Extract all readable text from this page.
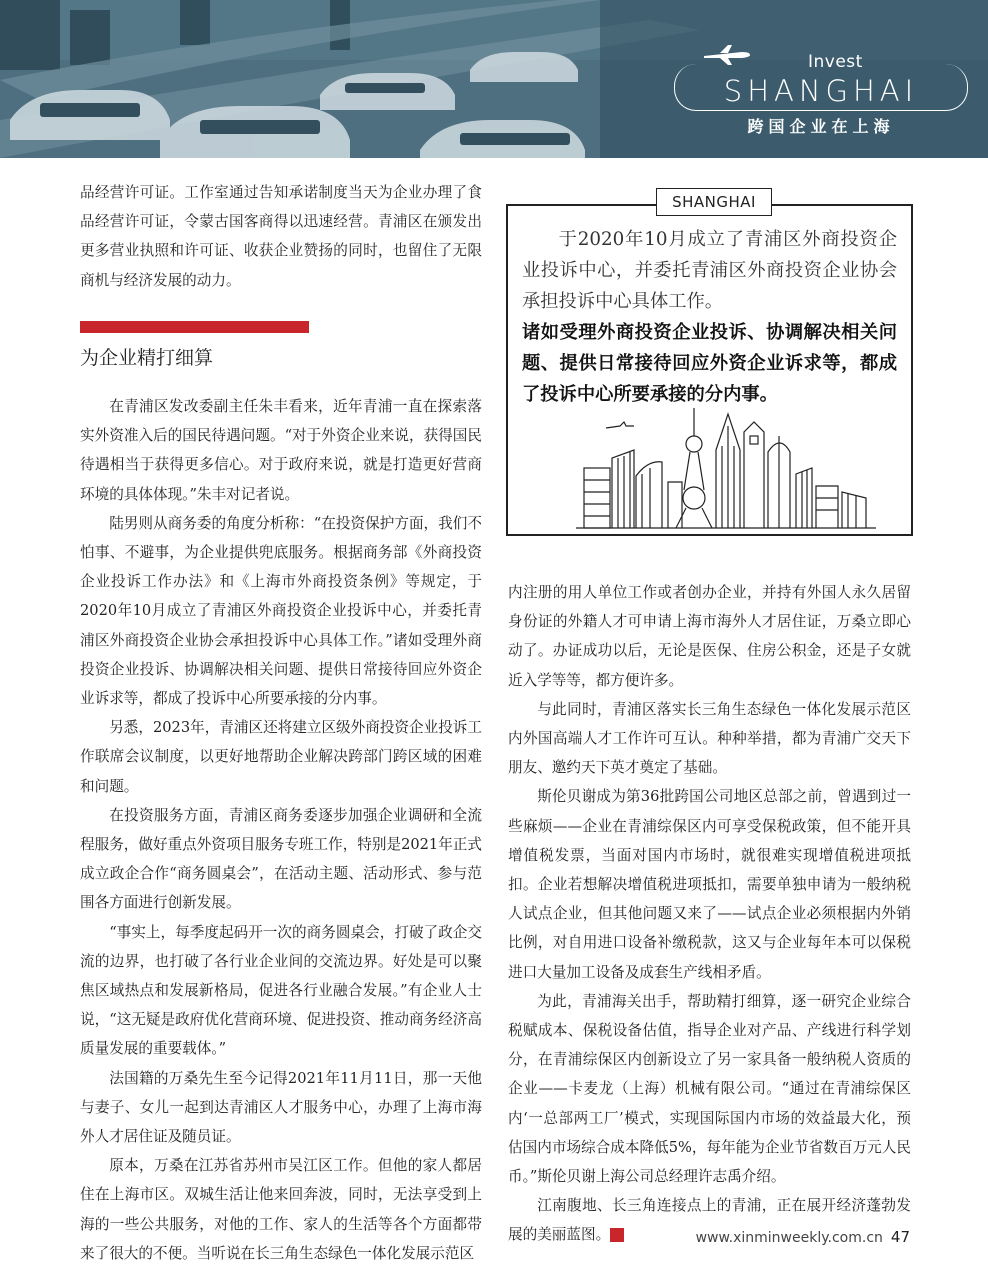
Invest
SHANGHAI
跨国企业在上海

品经营许可证。工作室通过告知承诺制度当天为企业办理了食品经营许可证，令蒙古国客商得以迅速经营。青浦区在颁发出更多营业执照和许可证、收获企业赞扬的同时，也留住了无限商机与经济发展的动力。

为企业精打细算

在青浦区发改委副主任朱丰看来，近年青浦一直在探索落实外资准入后的国民待遇问题。“对于外资企业来说，获得国民待遇相当于获得更多信心。对于政府来说，就是打造更好营商环境的具体体现。”朱丰对记者说。

陆男则从商务委的角度分析称：“在投资保护方面，我们不怕事、不避事，为企业提供兜底服务。根据商务部《外商投资企业投诉工作办法》和《上海市外商投资条例》等规定，于2020年10月成立了青浦区外商投资企业投诉中心，并委托青浦区外商投资企业协会承担投诉中心具体工作。”诸如受理外商投资企业投诉、协调解决相关问题、提供日常接待回应外资企业诉求等，都成了投诉中心所要承接的分内事。

另悉，2023年，青浦区还将建立区级外商投资企业投诉工作联席会议制度，以更好地帮助企业解决跨部门跨区域的困难和问题。

在投资服务方面，青浦区商务委逐步加强企业调研和全流程服务，做好重点外资项目服务专班工作，特别是2021年正式成立政企合作“商务圆桌会”，在活动主题、活动形式、参与范围各方面进行创新发展。

“事实上，每季度起码开一次的商务圆桌会，打破了政企交流的边界，也打破了各行业企业间的交流边界。好处是可以聚焦区域热点和发展新格局，促进各行业融合发展。”有企业人士说，“这无疑是政府优化营商环境、促进投资、推动商务经济高质量发展的重要载体。”

法国籍的万桑先生至今记得2021年11月11日，那一天他与妻子、女儿一起到达青浦区人才服务中心，办理了上海市海外人才居住证及随员证。

原本，万桑在江苏省苏州市吴江区工作。但他的家人都居住在上海市区。双城生活让他来回奔波，同时，无法享受到上海的一些公共服务，对他的工作、家人的生活等各个方面都带来了很大的不便。当听说在长三角生态绿色一体化发展示范区

SHANGHAI
于2020年10月成立了青浦区外商投资企业投诉中心，并委托青浦区外商投资企业协会承担投诉中心具体工作。
诸如受理外商投资企业投诉、协调解决相关问题、提供日常接待回应外资企业诉求等，都成了投诉中心所要承接的分内事。

内注册的用人单位工作或者创办企业，并持有外国人永久居留身份证的外籍人才可申请上海市海外人才居住证，万桑立即心动了。办证成功以后，无论是医保、住房公积金，还是子女就近入学等等，都方便许多。

与此同时，青浦区落实长三角生态绿色一体化发展示范区内外国高端人才工作许可互认。种种举措，都为青浦广交天下朋友、邀约天下英才奠定了基础。

斯伦贝谢成为第36批跨国公司地区总部之前，曾遇到过一些麻烦——企业在青浦综保区内可享受保税政策，但不能开具增值税发票，当面对国内市场时，就很难实现增值税进项抵扣。企业若想解决增值税进项抵扣，需要单独申请为一般纳税人试点企业，但其他问题又来了——试点企业必须根据内外销比例，对自用进口设备补缴税款，这又与企业每年本可以保税进口大量加工设备及成套生产线相矛盾。

为此，青浦海关出手，帮助精打细算，逐一研究企业综合税赋成本、保税设备估值，指导企业对产品、产线进行科学划分，在青浦综保区内创新设立了另一家具备一般纳税人资质的企业——卡麦龙（上海）机械有限公司。“通过在青浦综保区内‘一总部两工厂’模式，实现国际国内市场的效益最大化，预估国内市场综合成本降低5%，每年能为企业节省数百万元人民币。”斯伦贝谢上海公司总经理许志禹介绍。

江南腹地、长三角连接点上的青浦，正在展开经济蓬勃发展的美丽蓝图。	民	www.xinminweekly.com.cn 47
